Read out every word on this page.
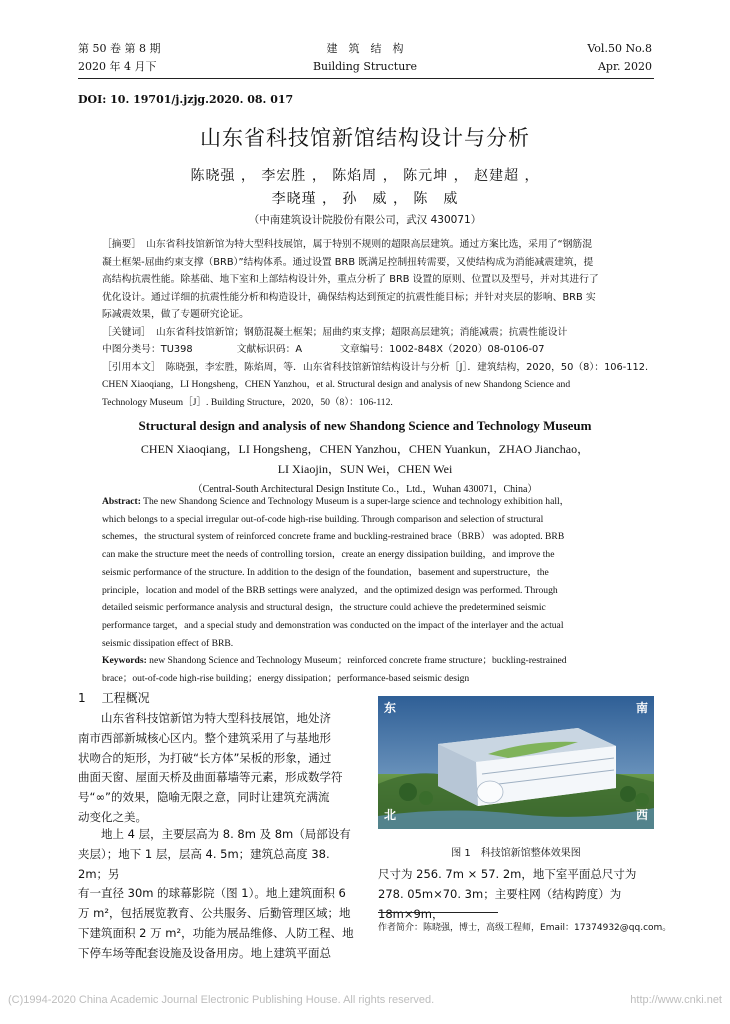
第 50 卷 第 8 期
2020 年 4 月下
建　筑　结　构
Building Structure
Vol.50 No.8
Apr. 2020
DOI: 10. 19701/j.jzjg.2020. 08. 017
山东省科技馆新馆结构设计与分析
陈晓强 ， 李宏胜 ， 陈焰周 ， 陈元坤 ， 赵建超 ，
李晓瑾 ， 孙　威 ， 陈　威
（中南建筑设计院股份有限公司，武汉 430071）
［摘要］　山东省科技馆新馆为特大型科技展馆，属于特别不规则的超限高层建筑。通过方案比选，采用了“钢筋混
凝土框架-屈曲约束支撑（BRB）”结构体系。通过设置 BRB 既满足控制扭转需要，又使结构成为消能减震建筑，提
高结构抗震性能。除基础、地下室和上部结构设计外，重点分析了 BRB 设置的原则、位置以及型号，并对其进行了
优化设计。通过详细的抗震性能分析和构造设计，确保结构达到预定的抗震性能目标；并针对夹层的影响、BRB 实
际减震效果，做了专题研究论证。
［关键词］　山东省科技馆新馆；钢筋混凝土框架；屈曲约束支撑；超限高层建筑；消能减震；抗震性能设计
中图分类号：TU398	文献标识码：A	文章编号：1002-848X（2020）08-0106-07
［引用本文］　陈晓强，李宏胜，陈焰周，等．山东省科技馆新馆结构设计与分析［J］．建筑结构，2020，50（8）：106-112.
CHEN Xiaoqiang，LI Hongsheng，CHEN Yanzhou，et al. Structural design and analysis of new Shandong Science and
Technology Museum［J］. Building Structure，2020，50（8）：106-112.
Structural design and analysis of new Shandong Science and Technology Museum
CHEN Xiaoqiang，LI Hongsheng，CHEN Yanzhou，CHEN Yuankun，ZHAO Jianchao，
LI Xiaojin，SUN Wei，CHEN Wei
（Central-South Architectural Design Institute Co.，Ltd.，Wuhan 430071，China）
Abstract: The new Shandong Science and Technology Museum is a super-large science and technology exhibition hall，
which belongs to a special irregular out-of-code high-rise building. Through comparison and selection of structural
schemes，the structural system of reinforced concrete frame and buckling-restrained brace（BRB） was adopted. BRB
can make the structure meet the needs of controlling torsion，create an energy dissipation building，and improve the
seismic performance of the structure. In addition to the design of the foundation，basement and superstructure，the
principle，location and model of the BRB settings were analyzed，and the optimized design was performed. Through
detailed seismic performance analysis and structural design，the structure could achieve the predetermined seismic
performance target，and a special study and demonstration was conducted on the impact of the interlayer and the actual
seismic dissipation effect of BRB.
Keywords: new Shandong Science and Technology Museum；reinforced concrete frame structure；buckling-restrained
brace；out-of-code high-rise building；energy dissipation；performance-based seismic design
1 工程概况
山东省科技馆新馆为特大型科技展馆，地处济
南市西部新城核心区内。整个建筑采用了与基地形
状吻合的矩形，为打破“长方体”呆板的形象，通过
曲面天窗、屋面天桥及曲面幕墙等元素，形成数学符
号“∞”的效果，隐喻无限之意，同时让建筑充满流
动变化之美。
地上 4 层，主要层高为 8. 8m 及 8m（局部设有
夹层）；地下 1 层，层高 4. 5m；建筑总高度 38. 2m；另
有一直径 30m 的球幕影院（图 1）。地上建筑面积 6
万 m²，包括展览教育、公共服务、后勤管理区域；地
下建筑面积 2 万 m²，功能为展品维修、人防工程、地
下停车场等配套设施及设备用房。地上建筑平面总
东	南
北	西
图 1　科技馆新馆整体效果图
尺寸为 256. 7m × 57. 2m，地下室平面总尺寸为
278. 05m×70. 3m；主要柱网（结构跨度）为 18m×9m，
作者简介：陈晓强，博士，高级工程师，Email：17374932@qq.com。
(C)1994-2020 China Academic Journal Electronic Publishing House. All rights reserved.	http://www.cnki.net
